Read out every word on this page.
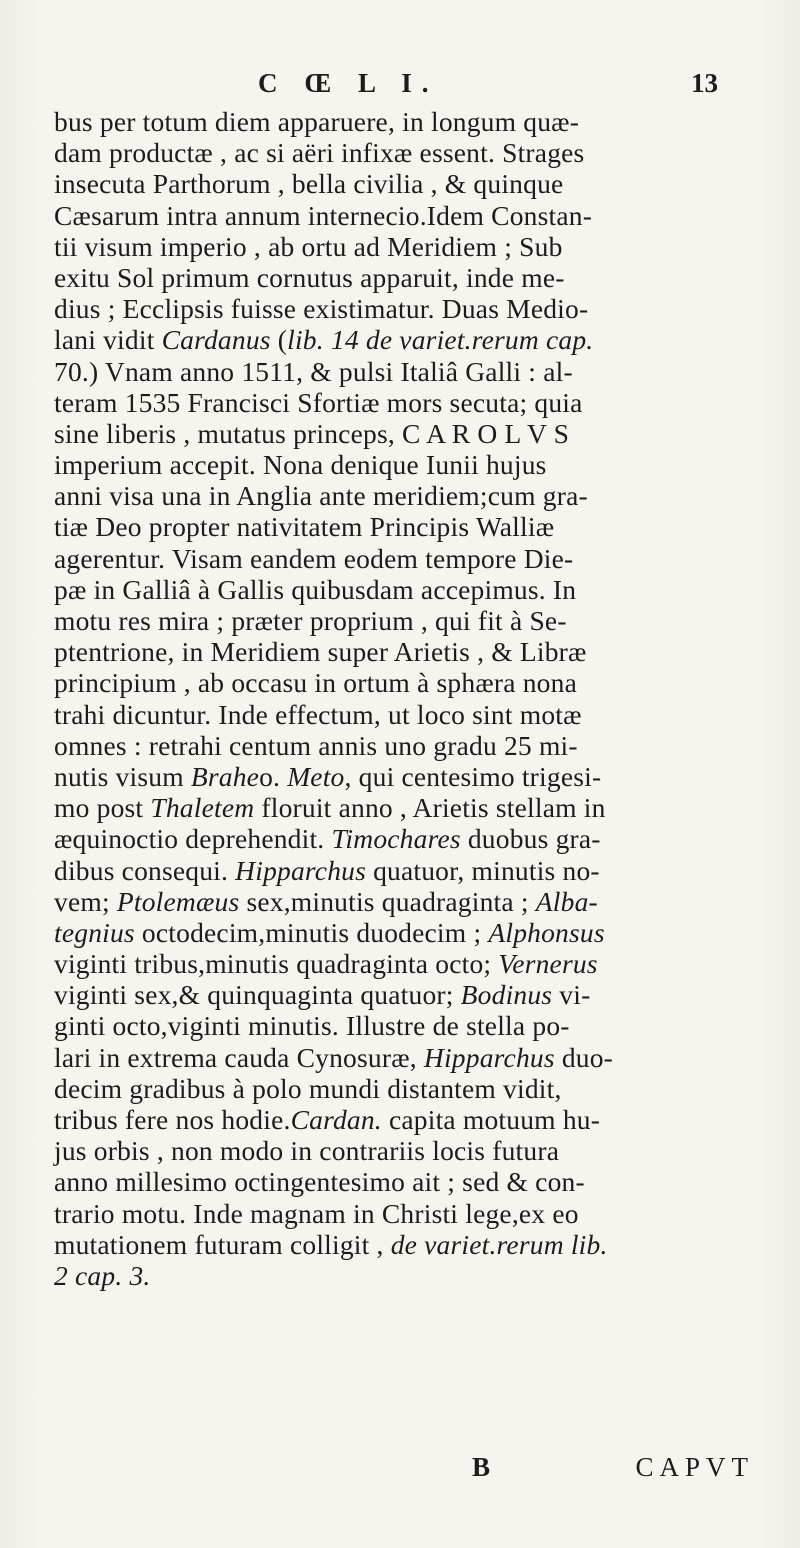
C Œ L I.	13
bus per totum diem apparuere, in longum quæ-
dam productæ , ac si aëri infixæ essent. Strages
insecuta Parthorum , bella civilia , & quinque
Cæsarum intra annum internecio.Idem Constan-
tii visum imperio , ab ortu ad Meridiem ; Sub
exitu Sol primum cornutus apparuit, inde me-
dius ; Ecclipsis fuisse existimatur. Duas Medio-
lani vidit Cardanus (lib. 14 de variet.rerum cap.
70.) Vnam anno 1511, & pulsi Italiâ Galli : al-
teram 1535 Francisci Sfortiæ mors secuta; quia
sine liberis , mutatus princeps, C A R O L V S
imperium accepit. Nona denique Iunii hujus
anni visa una in Anglia ante meridiem;cum gra-
tiæ Deo propter nativitatem Principis Walliæ
agerentur. Visam eandem eodem tempore Die-
pæ in Galliâ à Gallis quibusdam accepimus. In
motu res mira ; præter proprium , qui fit à Se-
ptentrione, in Meridiem super Arietis , & Libræ
principium , ab occasu in ortum à sphæra nona
trahi dicuntur. Inde effectum, ut loco sint motæ
omnes : retrahi centum annis uno gradu 25 mi-
nutis visum Braheo. Meto, qui centesimo trigesi-
mo post Thaletem floruit anno , Arietis stellam in
æquinoctio deprehendit. Timochares duobus gra-
dibus consequi. Hipparchus quatuor, minutis no-
vem; Ptolemæus sex,minutis quadraginta ; Alba-
tegnius octodecim,minutis duodecim ; Alphonsus
viginti tribus,minutis quadraginta octo; Vernerus
viginti sex,& quinquaginta quatuor; Bodinus vi-
ginti octo,viginti minutis. Illustre de stella po-
lari in extrema cauda Cynosuræ, Hipparchus duo-
decim gradibus à polo mundi distantem vidit,
tribus fere nos hodie.Cardan. capita motuum hu-
jus orbis , non modo in contrariis locis futura
anno millesimo octingentesimo ait ; sed & con-
trario motu. Inde magnam in Christi lege,ex eo
mutationem futuram colligit , de variet.rerum lib.
2 cap. 3.
B	CAPVT
